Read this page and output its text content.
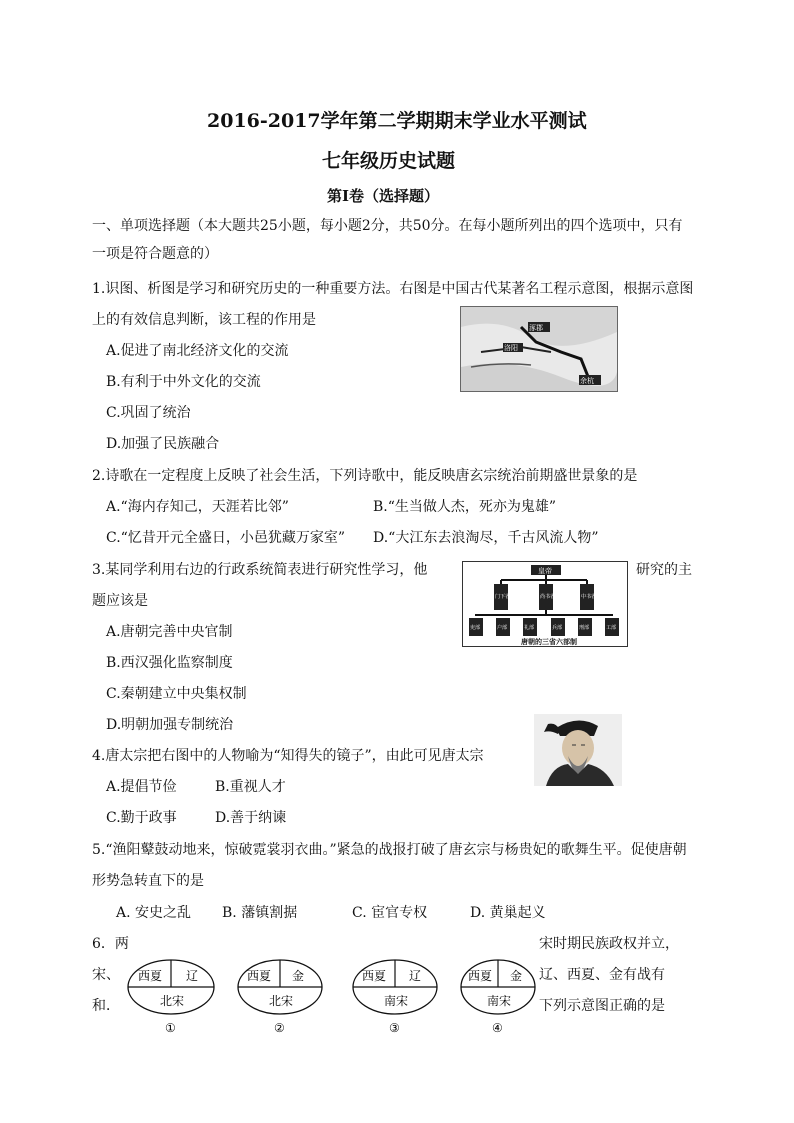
2016-2017学年第二学期期末学业水平测试
七年级历史试题
第Ⅰ卷（选择题）
一、单项选择题（本大题共25小题，每小题2分，共50分。在每小题所列出的四个选项中，只有
一项是符合题意的）
1.识图、析图是学习和研究历史的一种重要方法。右图是中国古代某著名工程示意图，根据示意图
上的有效信息判断，该工程的作用是
A.促进了南北经济文化的交流
B.有利于中外文化的交流
C.巩固了统治
D.加强了民族融合
涿郡
洛阳
余杭
2.诗歌在一定程度上反映了社会生活，下列诗歌中，能反映唐玄宗统治前期盛世景象的是
A.“海内存知己，天涯若比邻”	B.“生当做人杰，死亦为鬼雄”
C.“忆昔开元全盛日，小邑犹藏万家室” D.“大江东去浪淘尽，千古风流人物”
3.某同学利用右边的行政系统简表进行研究性学习，他	研究的主
题应该是
A.唐朝完善中央官制
B.西汉强化监察制度
C.秦朝建立中央集权制
D.明朝加强专制统治
皇帝
门下省	尚书省	中书省
吏部	户部	礼部	兵部	刑部	工部
唐朝的三省六部制
4.唐太宗把右图中的人物喻为“知得失的镜子”，由此可见唐太宗
A.提倡节俭	B.重视人才
C.勤于政事	D.善于纳谏
5.“渔阳鼙鼓动地来，惊破霓裳羽衣曲。”紧急的战报打破了唐玄宗与杨贵妃的歌舞生平。促使唐朝
形势急转直下的是
A. 安史之乱 B. 藩镇割据	C. 宦官专权	D. 黄巢起义
6．两
宋、
和．
宋时期民族政权并立，
辽、西夏、金有战有
下列示意图正确的是
西夏 辽
北宋
①
西夏 金
北宋
②
西夏 辽
南宋
③
西夏 金
南宋
④
